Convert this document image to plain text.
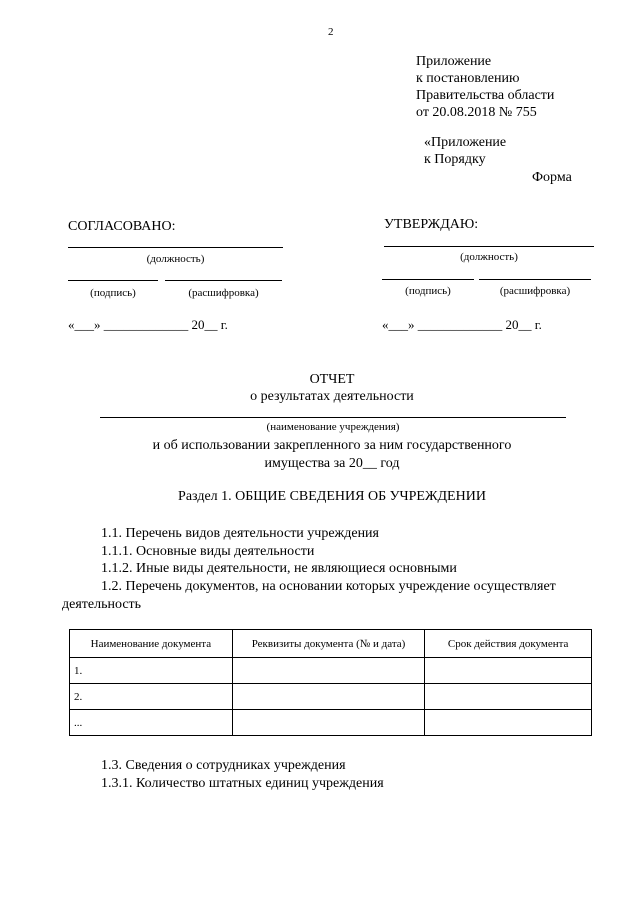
2
Приложение
к постановлению
Правительства области
от 20.08.2018 № 755
«Приложение
к Порядку
Форма
СОГЛАСОВАНО:
(должность)
(подпись)	(расшифровка)
«___» _____________ 20__ г.
УТВЕРЖДАЮ:
(должность)
(подпись)	(расшифровка)
«___» _____________ 20__ г.
ОТЧЕТ
о результатах деятельности
(наименование учреждения)
и об использовании закрепленного за ним государственного
имущества за 20__ год
Раздел 1. ОБЩИЕ СВЕДЕНИЯ ОБ УЧРЕЖДЕНИИ
1.1. Перечень видов деятельности учреждения
1.1.1. Основные виды деятельности
1.1.2. Иные виды деятельности, не являющиеся основными
1.2. Перечень документов, на основании которых учреждение осуществляет
деятельность
Наименование документа	Реквизиты документа (№ и дата)	Срок действия документа
1.		
2.		
...		
1.3. Сведения о сотрудниках учреждения
1.3.1. Количество штатных единиц учреждения
